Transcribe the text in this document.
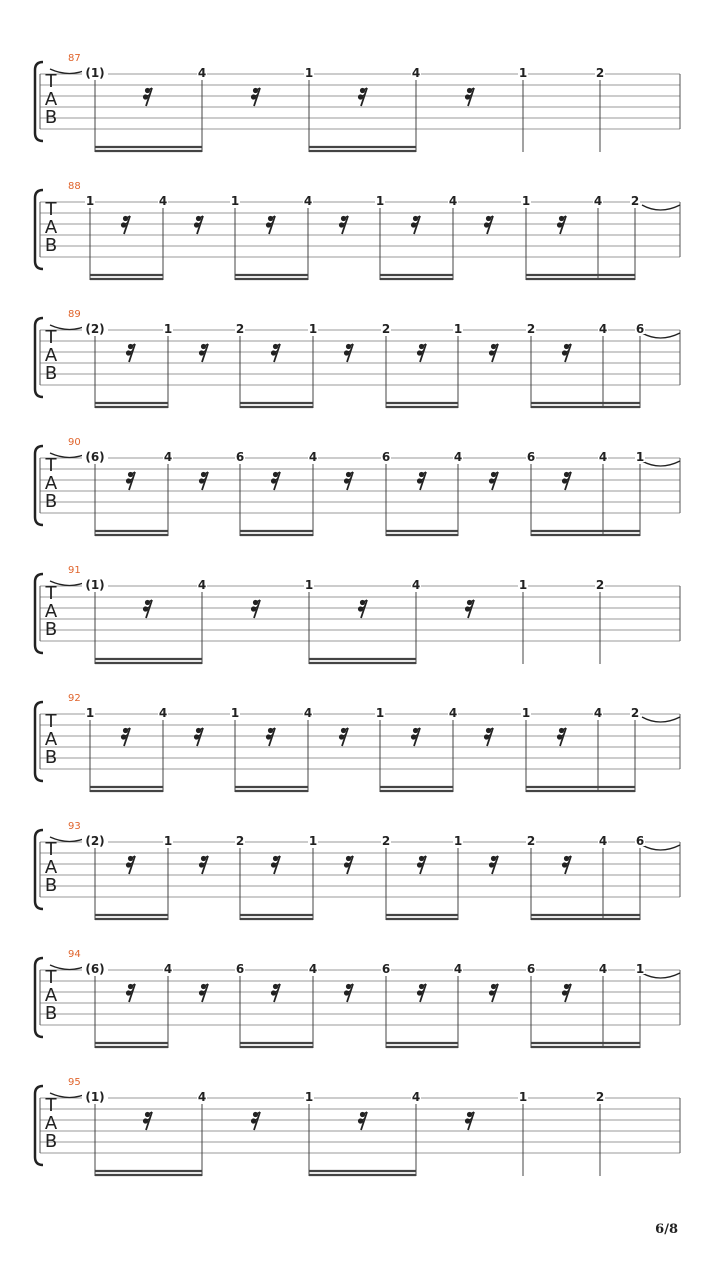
T
A
B
87
(1)	4	1	4	1	2
T
A
B
88
1	4	1	4	1	4	1	4 2
T
A
B
89
(2)	1	2	1	2	1	2	4 6
T
A
B
90
(6)	4	6	4	6	4	6	4 1
T
A
B
91
(1)	4	1	4	1	2
T
A
B
92
1	4	1	4	1	4	1	4 2
T
A
B
93
(2)	1	2	1	2	1	2	4 6
T
A
B
94
(6)	4	6	4	6	4	6	4 1
T
A
B
95
(1)	4	1	4	1	2
6/8
